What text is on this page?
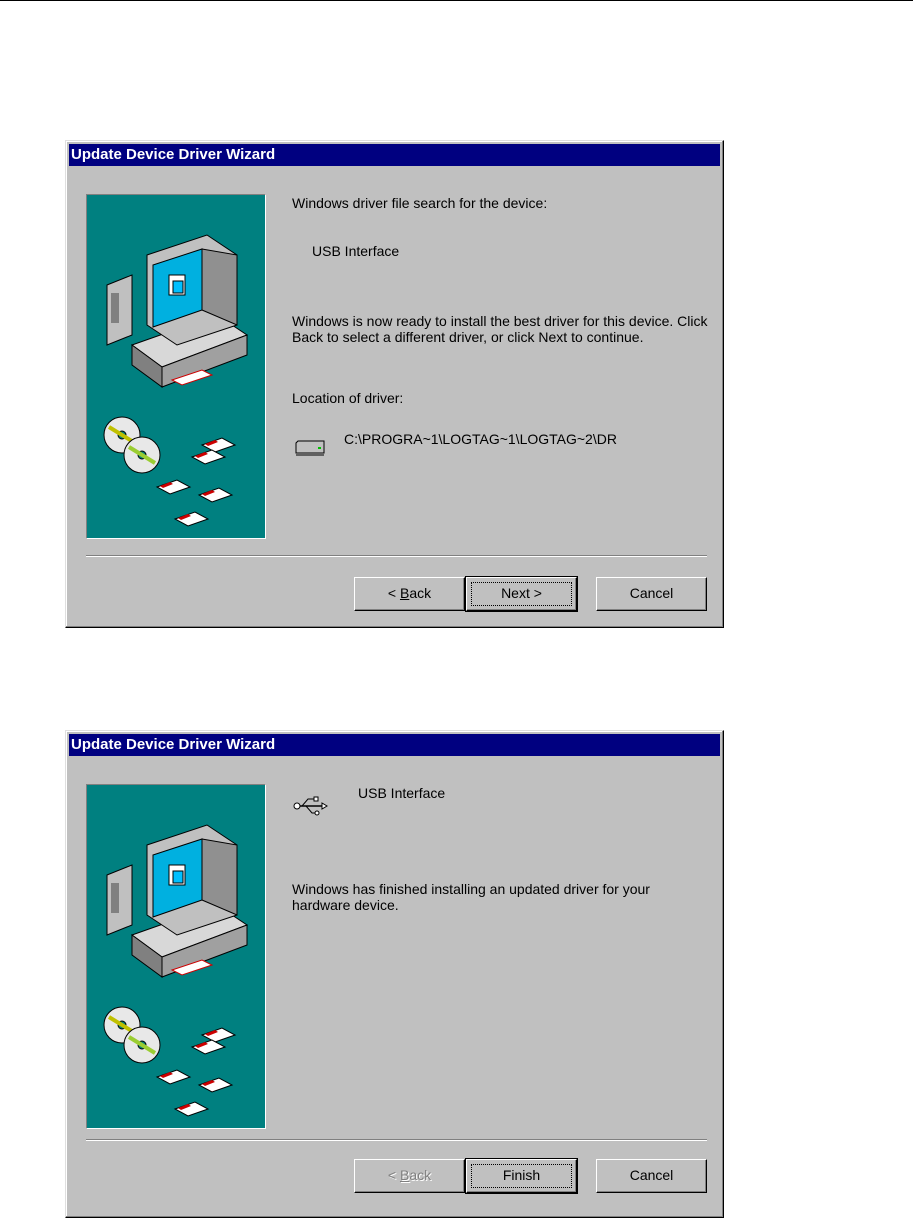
Update Device Driver Wizard
Windows driver file search for the device:
USB Interface
Windows is now ready to install the best driver for this device. Click Back to select a different driver, or click Next to continue.
Location of driver:
C:\PROGRA~1\LOGTAG~1\LOGTAG~2\DR
< Back	Next >	Cancel
Update Device Driver Wizard
USB Interface
Windows has finished installing an updated driver for your hardware device.
< Back	Finish	Cancel
